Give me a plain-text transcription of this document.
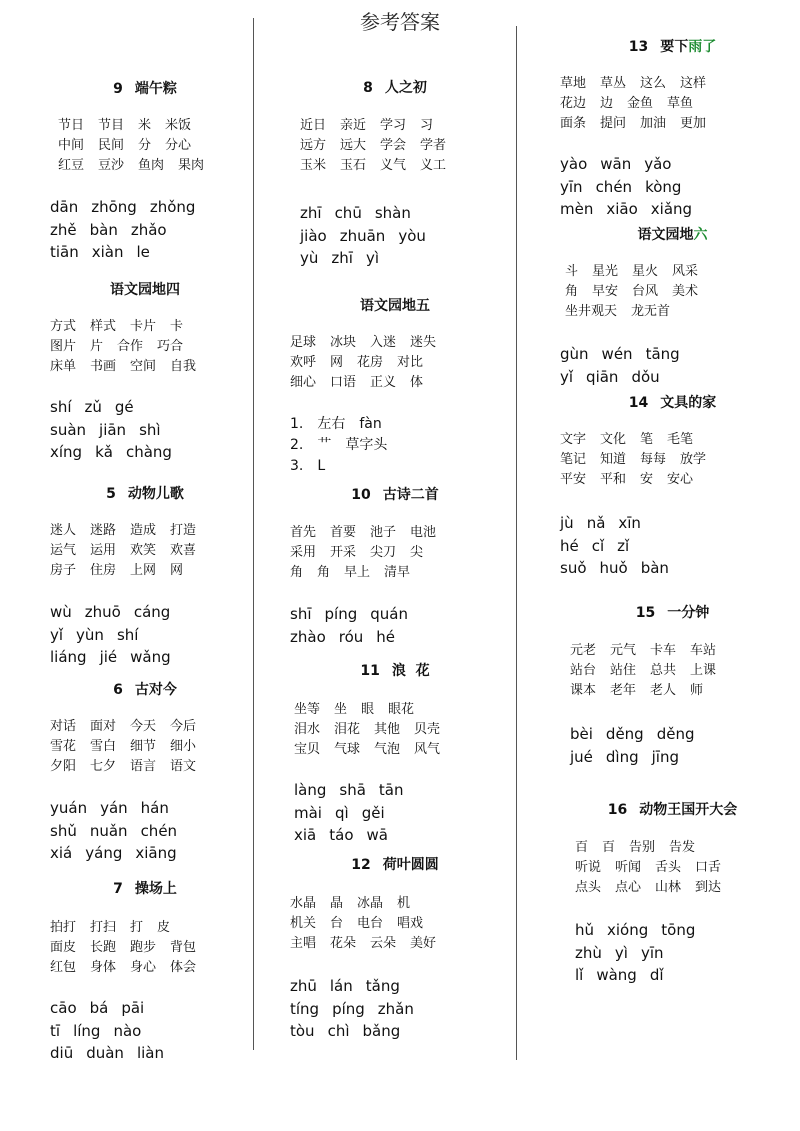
参考答案
9 端午粽
节日 节目 米 米饭
中间 民间 分 分心
红豆 豆沙 鱼肉 果肉
dān zhōng zhǒng
zhě bàn zhǎo
tiān xiàn le
语文园地四
方式 样式 卡片 卡
图片 片 合作 巧合
床单 书画 空间 自我
shí zǔ gé
suàn jiān shì
xíng kǎ chàng
5 动物儿歌
迷人 迷路 造成 打造
运气 运用 欢笑 欢喜
房子 住房 上网 网
wù zhuō cáng
yǐ yùn shí
liáng jié wǎng
6 古对今
对话 面对 今天 今后
雪花 雪白 细节 细小
夕阳 七夕 语言 语文
yuán yán hán
shǔ nuǎn chén
xiá yáng xiāng
7 操场上
拍打 打扫 打 皮
面皮 长跑 跑步 背包
红包 身体 身心 体会
cāo bá pāi
tī líng nào
diū duàn liàn
8 人之初
近日 亲近 学习 习
远方 远大 学会 学者
玉米 玉石 义气 义工
zhī chū shàn
jiào zhuān yòu
yù zhī yì
语文园地五
足球 冰块 入迷 迷失
欢呼 网 花房 对比
细心 口语 正义 体
1. 左右 fàn
2. 艹 草字头
3. L
10 古诗二首
首先 首要 池子 电池
采用 开采 尖刀 尖
角 角 早上 清早
shī píng quán
zhào róu hé
11 浪  花
坐等 坐 眼 眼花
泪水 泪花 其他 贝壳
宝贝 气球 气泡 风气
làng shā tān
mài qì gěi
xiā táo wā
12 荷叶圆圆
水晶 晶 冰晶 机
机关 台 电台 唱戏
主唱 花朵 云朵 美好
zhū lán tǎng
tíng píng zhǎn
tòu chì bǎng
13 要下雨了
草地 草丛 这么 这样
花边 边 金鱼 草鱼
面条 提问 加油 更加
yào wān yǎo
yīn chén kòng
mèn xiāo xiǎng
语文园地六
斗 星光 星火 风采
角 早安 台风 美术
坐井观天 龙无首
gùn wén tāng
yǐ qiān dǒu
14 文具的家
文字 文化 笔 毛笔
笔记 知道 每每 放学
平安 平和 安 安心
jù nǎ xīn
hé cǐ zǐ
suǒ huǒ bàn
15 一分钟
元老 元气 卡车 车站
站台 站住 总共 上课
课本 老年 老人 师
bèi děng děng
jué dìng jīng
16 动物王国开大会
百 百 告别 告发
听说 听闻 舌头 口舌
点头 点心 山林 到达
hǔ xióng tōng
zhù yì yīn
lǐ wàng dǐ
